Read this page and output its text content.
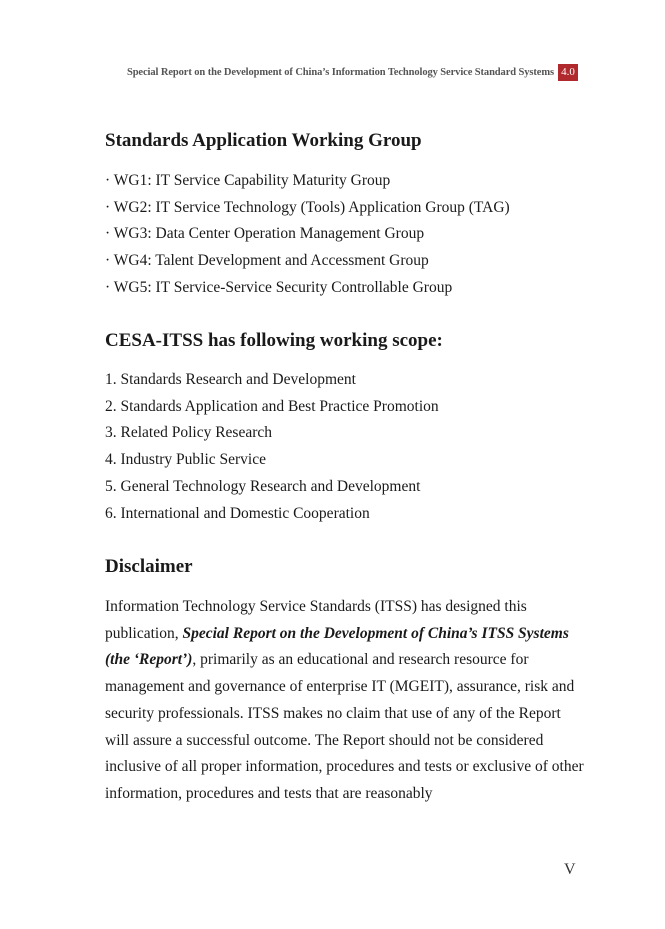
Special Report on the Development of China’s Information Technology Service Standard Systems 4.0
Standards Application Working Group
· WG1: IT Service Capability Maturity Group
· WG2: IT Service Technology (Tools) Application Group (TAG)
· WG3: Data Center Operation Management Group
· WG4: Talent Development and Accessment Group
· WG5: IT Service-Service Security Controllable Group
CESA-ITSS has following working scope:
1. Standards Research and Development
2. Standards Application and Best Practice Promotion
3. Related Policy Research
4. Industry Public Service
5. General Technology Research and Development
6. International and Domestic Cooperation
Disclaimer

Information Technology Service Standards (ITSS) has designed this publication, Special Report on the Development of China’s ITSS Systems (the ‘Report’), primarily as an educational and research resource for management and governance of enterprise IT (MGEIT), assurance, risk and security professionals. ITSS makes no claim that use of any of the Report will assure a successful outcome. The Report should not be considered inclusive of all proper information, procedures and tests or exclusive of other information, procedures and tests that are reasonably

V
